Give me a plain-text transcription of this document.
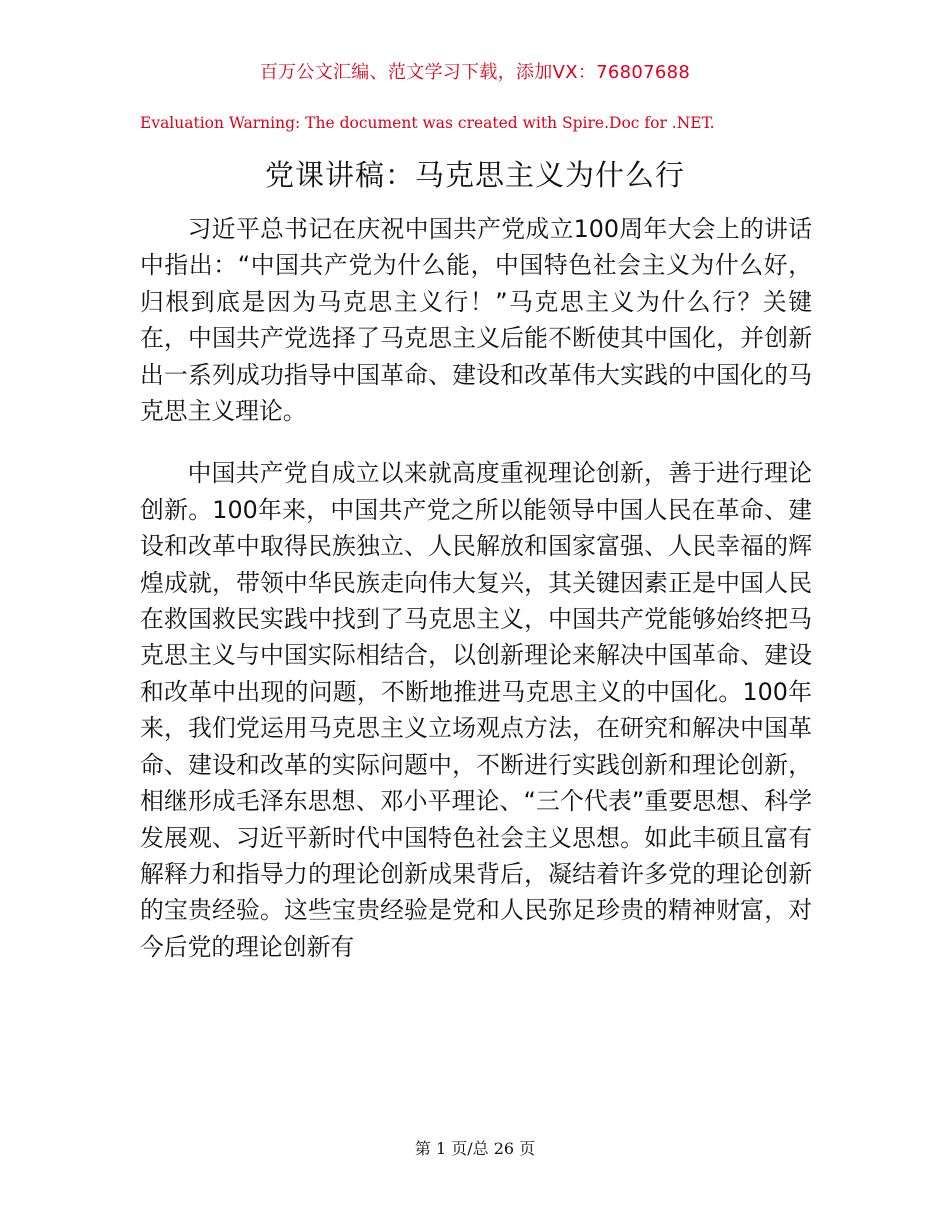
百万公文汇编、范文学习下载，添加VX：76807688
Evaluation Warning: The document was created with Spire.Doc for .NET.
党课讲稿：马克思主义为什么行

习近平总书记在庆祝中国共产党成立100周年大会上的讲话中指出：“中国共产党为什么能，中国特色社会主义为什么好，归根到底是因为马克思主义行！”马克思主义为什么行？关键在，中国共产党选择了马克思主义后能不断使其中国化，并创新出一系列成功指导中国革命、建设和改革伟大实践的中国化的马克思主义理论。

中国共产党自成立以来就高度重视理论创新，善于进行理论创新。100年来，中国共产党之所以能领导中国人民在革命、建设和改革中取得民族独立、人民解放和国家富强、人民幸福的辉煌成就，带领中华民族走向伟大复兴，其关键因素正是中国人民在救国救民实践中找到了马克思主义，中国共产党能够始终把马克思主义与中国实际相结合，以创新理论来解决中国革命、建设和改革中出现的问题，不断地推进马克思主义的中国化。100年来，我们党运用马克思主义立场观点方法，在研究和解决中国革命、建设和改革的实际问题中，不断进行实践创新和理论创新，相继形成毛泽东思想、邓小平理论、“三个代表”重要思想、科学发展观、习近平新时代中国特色社会主义思想。如此丰硕且富有解释力和指导力的理论创新成果背后，凝结着许多党的理论创新的宝贵经验。这些宝贵经验是党和人民弥足珍贵的精神财富，对今后党的理论创新有

第 1 页/总 26 页
